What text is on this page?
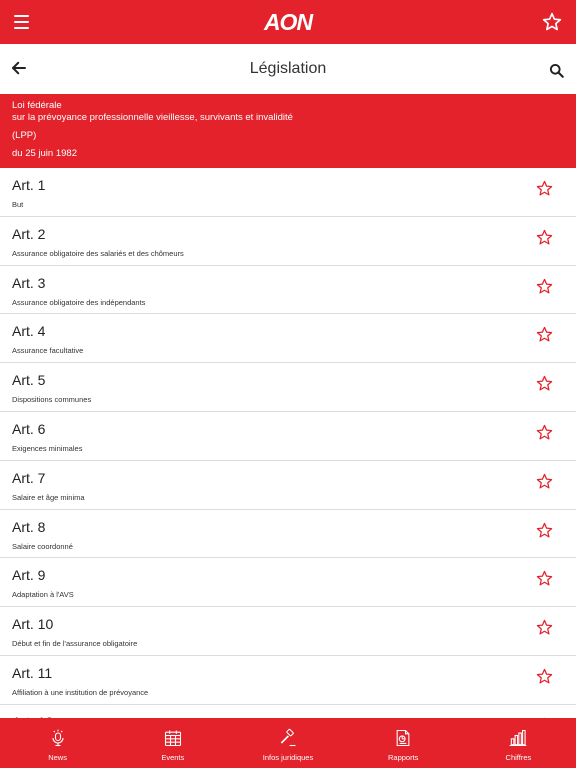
AON
Législation
Loi fédérale
sur la prévoyance professionnelle vieillesse, survivants et invalidité
(LPP)
du 25 juin 1982
Art. 1
But
Art. 2
Assurance obligatoire des salariés et des chômeurs
Art. 3
Assurance obligatoire des indépendants
Art. 4
Assurance facultative
Art. 5
Dispositions communes
Art. 6
Exigences minimales
Art. 7
Salaire et âge minima
Art. 8
Salaire coordonné
Art. 9
Adaptation à l'AVS
Art. 10
Début et fin de l'assurance obligatoire
Art. 11
Affiliation à une institution de prévoyance
News	Events	Infos juridiques	Rapports	Chiffres
